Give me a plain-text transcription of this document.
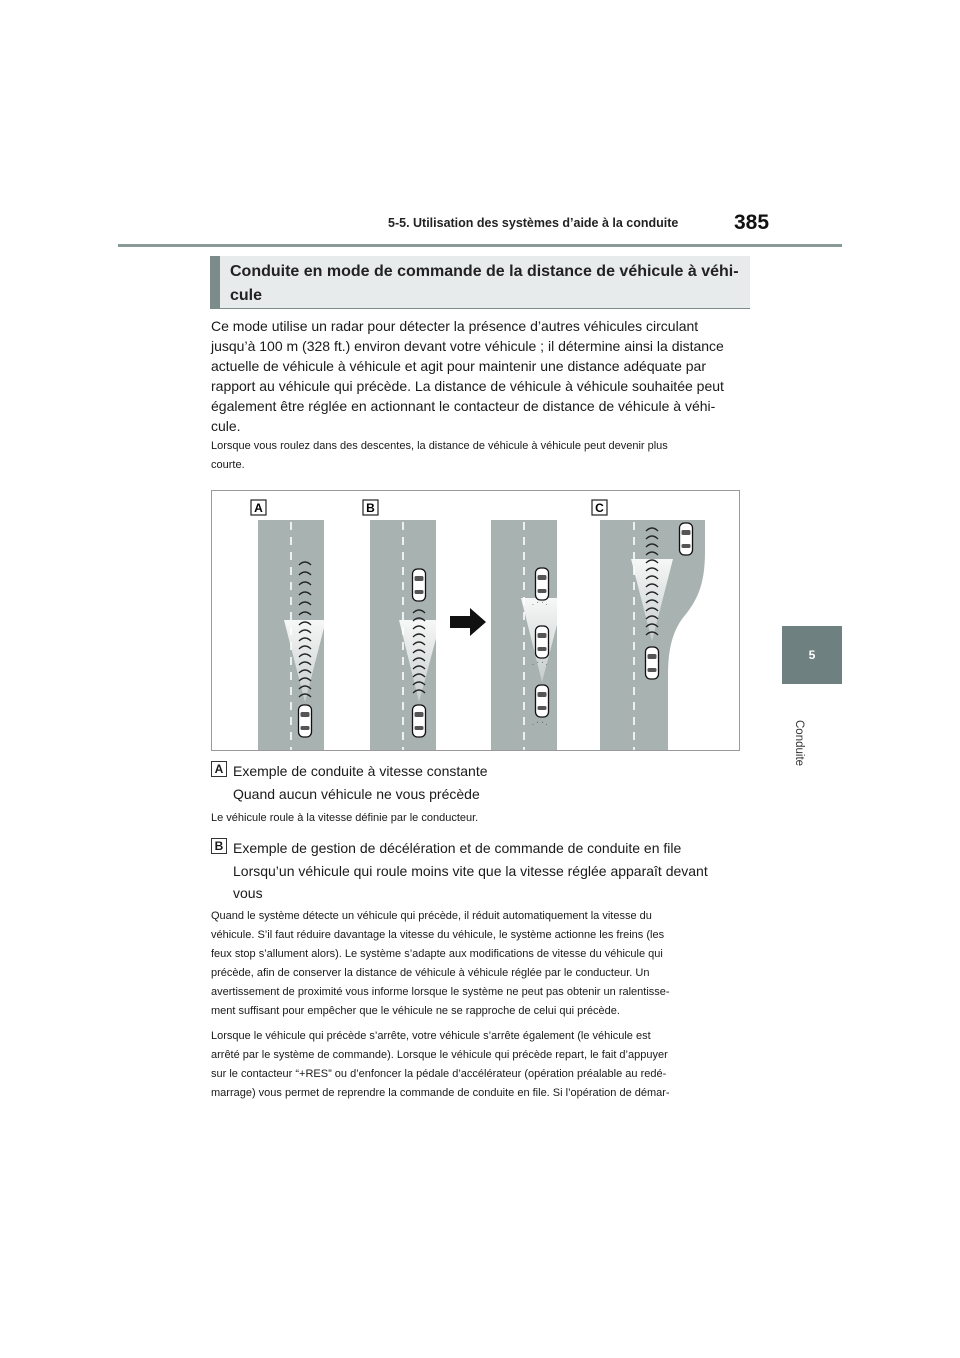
5-5. Utilisation des systèmes d’aide à la conduite	385
5
Conduite
Conduite en mode de commande de la distance de véhicule à véhi-
cule
Ce mode utilise un radar pour détecter la présence d’autres véhicules circulant
jusqu’à 100 m (328 ft.) environ devant votre véhicule ; il détermine ainsi la distance
actuelle de véhicule à véhicule et agit pour maintenir une distance adéquate par
rapport au véhicule qui précède. La distance de véhicule à véhicule souhaitée peut
également être réglée en actionnant le contacteur de distance de véhicule à véhi-
cule.
Lorsque vous roulez dans des descentes, la distance de véhicule à véhicule peut devenir plus
courte.
· ˊ ˊ ·
· ˊ ˊ ·
· ˊ ˊ ·
A	B	C
A Exemple de conduite à vitesse constante
Quand aucun véhicule ne vous précède
Le véhicule roule à la vitesse définie par le conducteur.
B Exemple de gestion de décélération et de commande de conduite en file
Lorsqu’un véhicule qui roule moins vite que la vitesse réglée apparaît devant
vous
Quand le système détecte un véhicule qui précède, il réduit automatiquement la vitesse du
véhicule. S’il faut réduire davantage la vitesse du véhicule, le système actionne les freins (les
feux stop s’allument alors). Le système s’adapte aux modifications de vitesse du véhicule qui
précède, afin de conserver la distance de véhicule à véhicule réglée par le conducteur. Un
avertissement de proximité vous informe lorsque le système ne peut pas obtenir un ralentisse-
ment suffisant pour empêcher que le véhicule ne se rapproche de celui qui précède.
Lorsque le véhicule qui précède s’arrête, votre véhicule s’arrête également (le véhicule est
arrêté par le système de commande). Lorsque le véhicule qui précède repart, le fait d’appuyer
sur le contacteur “+RES” ou d’enfoncer la pédale d’accélérateur (opération préalable au redé-
marrage) vous permet de reprendre la commande de conduite en file. Si l’opération de démar-
